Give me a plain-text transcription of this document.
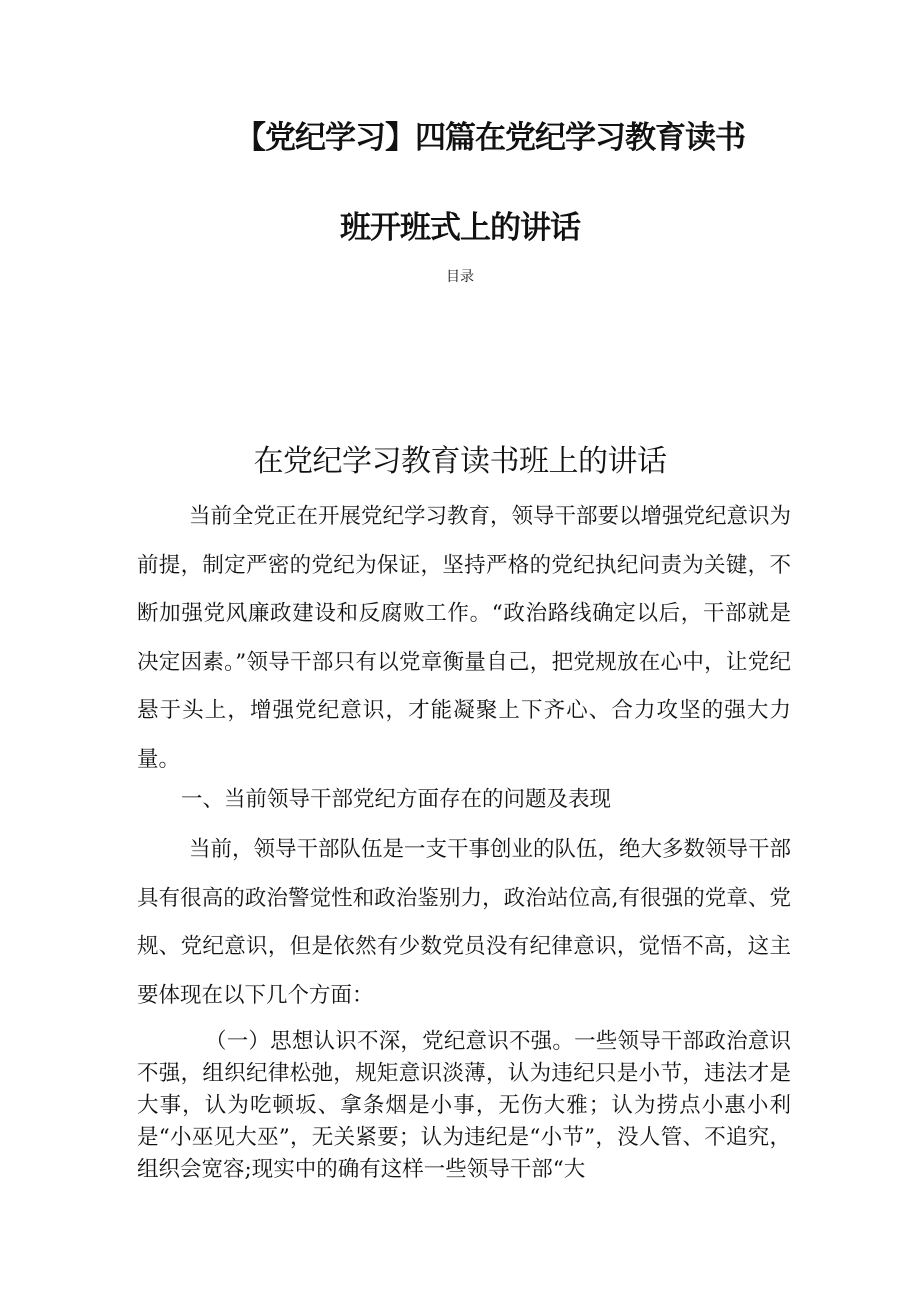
【党纪学习】四篇在党纪学习教育读书
班开班式上的讲话
目录
在党纪学习教育读书班上的讲话

当前全党正在开展党纪学习教育，领导干部要以增强党纪意识为前提，制定严密的党纪为保证，坚持严格的党纪执纪问责为关键，不断加强党风廉政建设和反腐败工作。“政治路线确定以后，干部就是决定因素。”领导干部只有以党章衡量自己，把党规放在心中，让党纪悬于头上，增强党纪意识，才能凝聚上下齐心、合力攻坚的强大力量。

一、当前领导干部党纪方面存在的问题及表现

当前，领导干部队伍是一支干事创业的队伍，绝大多数领导干部具有很高的政治警觉性和政治鉴别力，政治站位高,有很强的党章、党规、党纪意识，但是依然有少数党员没有纪律意识，觉悟不高，这主要体现在以下几个方面：

（一）思想认识不深，党纪意识不强。一些领导干部政治意识不强，组织纪律松弛，规矩意识淡薄，认为违纪只是小节，违法才是大事，认为吃顿坂、拿条烟是小事，无伤大雅；认为捞点小惠小利是“小巫见大巫”，无关紧要；认为违纪是“小节”，没人管、不追究，组织会宽容;现实中的确有这样一些领导干部“大
